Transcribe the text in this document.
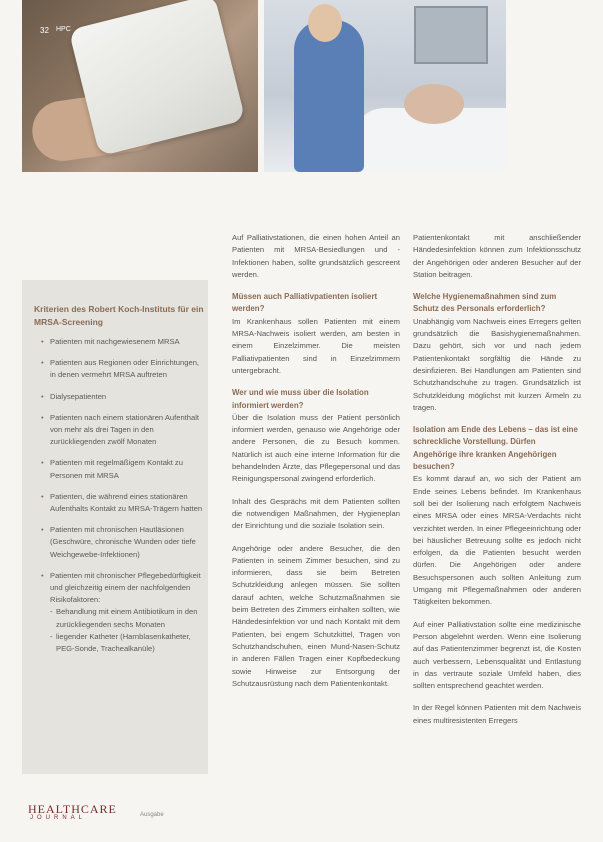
32 HPC
Kriterien des Robert Koch-Instituts für ein MRSA-Screening
• Patienten mit nachgewiesenem MRSA
• Patienten aus Regionen oder Einrichtungen, in denen vermehrt MRSA auftreten
• Dialysepatienten
• Patienten nach einem stationären Aufenthalt von mehr als drei Tagen in den zurückliegenden zwölf Monaten
• Patienten mit regelmäßigem Kontakt zu Personen mit MRSA
• Patienten, die während eines stationären Aufenthalts Kontakt zu MRSA-Trägern hatten
• Patienten mit chronischen Hautläsionen (Geschwüre, chronische Wunden oder tiefe Weichgewebe-Infektionen)
• Patienten mit chronischer Pflegebedürftigkeit und gleichzeitig einem der nachfolgenden Risikofaktoren:
- Behandlung mit einem Antibiotikum in den zurückliegenden sechs Monaten
- liegender Katheter (Harnblasenkatheter, PEG-Sonde, Trachealkanüle)

Auf Palliativstationen, die einen hohen Anteil an Patienten mit MRSA-Besiedlungen und -Infektionen haben, sollte grundsätzlich gescreent werden.

Müssen auch Palliativpatienten isoliert werden?

Im Krankenhaus sollen Patienten mit einem MRSA-Nachweis isoliert werden, am besten in einem Einzelzimmer. Die meisten Palliativpatienten sind in Einzelzimmern untergebracht.

Wer und wie muss über die Isolation informiert werden?

Über die Isolation muss der Patient persönlich informiert werden, genauso wie Angehörige oder andere Personen, die zu Besuch kommen. Natürlich ist auch eine interne Information für die behandelnden Ärzte, das Pflegepersonal und das Reinigungspersonal zwingend erforderlich.

Inhalt des Gesprächs mit dem Patienten sollten die notwendigen Maßnahmen, der Hygieneplan der Einrichtung und die soziale Isolation sein.

Angehörige oder andere Besucher, die den Patienten in seinem Zimmer besuchen, sind zu informieren, dass sie beim Betreten Schutzkleidung anlegen müssen. Sie sollten darauf achten, welche Schutzmaßnahmen sie beim Betreten des Zimmers einhalten sollten, wie Händedesinfektion vor und nach Kontakt mit dem Patienten, bei engem Schutzkittel, Tragen von Schutzhandschuhen, einen Mund-Nasen-Schutz in anderen Fällen Tragen einer Kopfbedeckung sowie Hinweise zur Entsorgung der Schutzausrüstung nach dem Patientenkontakt.

Patientenkontakt mit anschließender Händedesinfektion können zum Infektionsschutz der Angehörigen oder anderen Besucher auf der Station beitragen.

Welche Hygienemaßnahmen sind zum Schutz des Personals erforderlich?

Unabhängig vom Nachweis eines Erregers gelten grundsätzlich die Basishygienemaßnahmen. Dazu gehört, sich vor und nach jedem Patientenkontakt sorgfältig die Hände zu desinfizieren. Bei Handlungen am Patienten sind Schutzhandschuhe zu tragen. Grundsätzlich ist Schutzkleidung möglichst mit kurzen Ärmeln zu tragen.

Isolation am Ende des Lebens – das ist eine schreckliche Vorstellung. Dürfen Angehörige ihre kranken Angehörigen besuchen?

Es kommt darauf an, wo sich der Patient am Ende seines Lebens befindet. Im Krankenhaus soll bei der Isolierung nach erfolgtem Nachweis eines MRSA oder eines MRSA-Verdachts nicht verzichtet werden. In einer Pflegeeinrichtung oder bei häuslicher Betreuung sollte es jedoch nicht erfolgen, da die Patienten besucht werden dürfen. Die Angehörigen oder andere Besuchspersonen auch sollten Anleitung zum Umgang mit Pflegemaßnahmen oder anderen Tätigkeiten bekommen.

Auf einer Palliativstation sollte eine medizinische Person abgelehnt werden. Wenn eine Isolierung auf das Patientenzimmer begrenzt ist, die Kosten auch verbessern, Lebensqualität und Entlastung in das vertraute soziale Umfeld haben, dies sollten entsprechend geachtet werden.

In der Regel können Patienten mit dem Nachweis eines multiresistenten Erregers

HEALTHCARE
JOURNAL	Ausgabe
